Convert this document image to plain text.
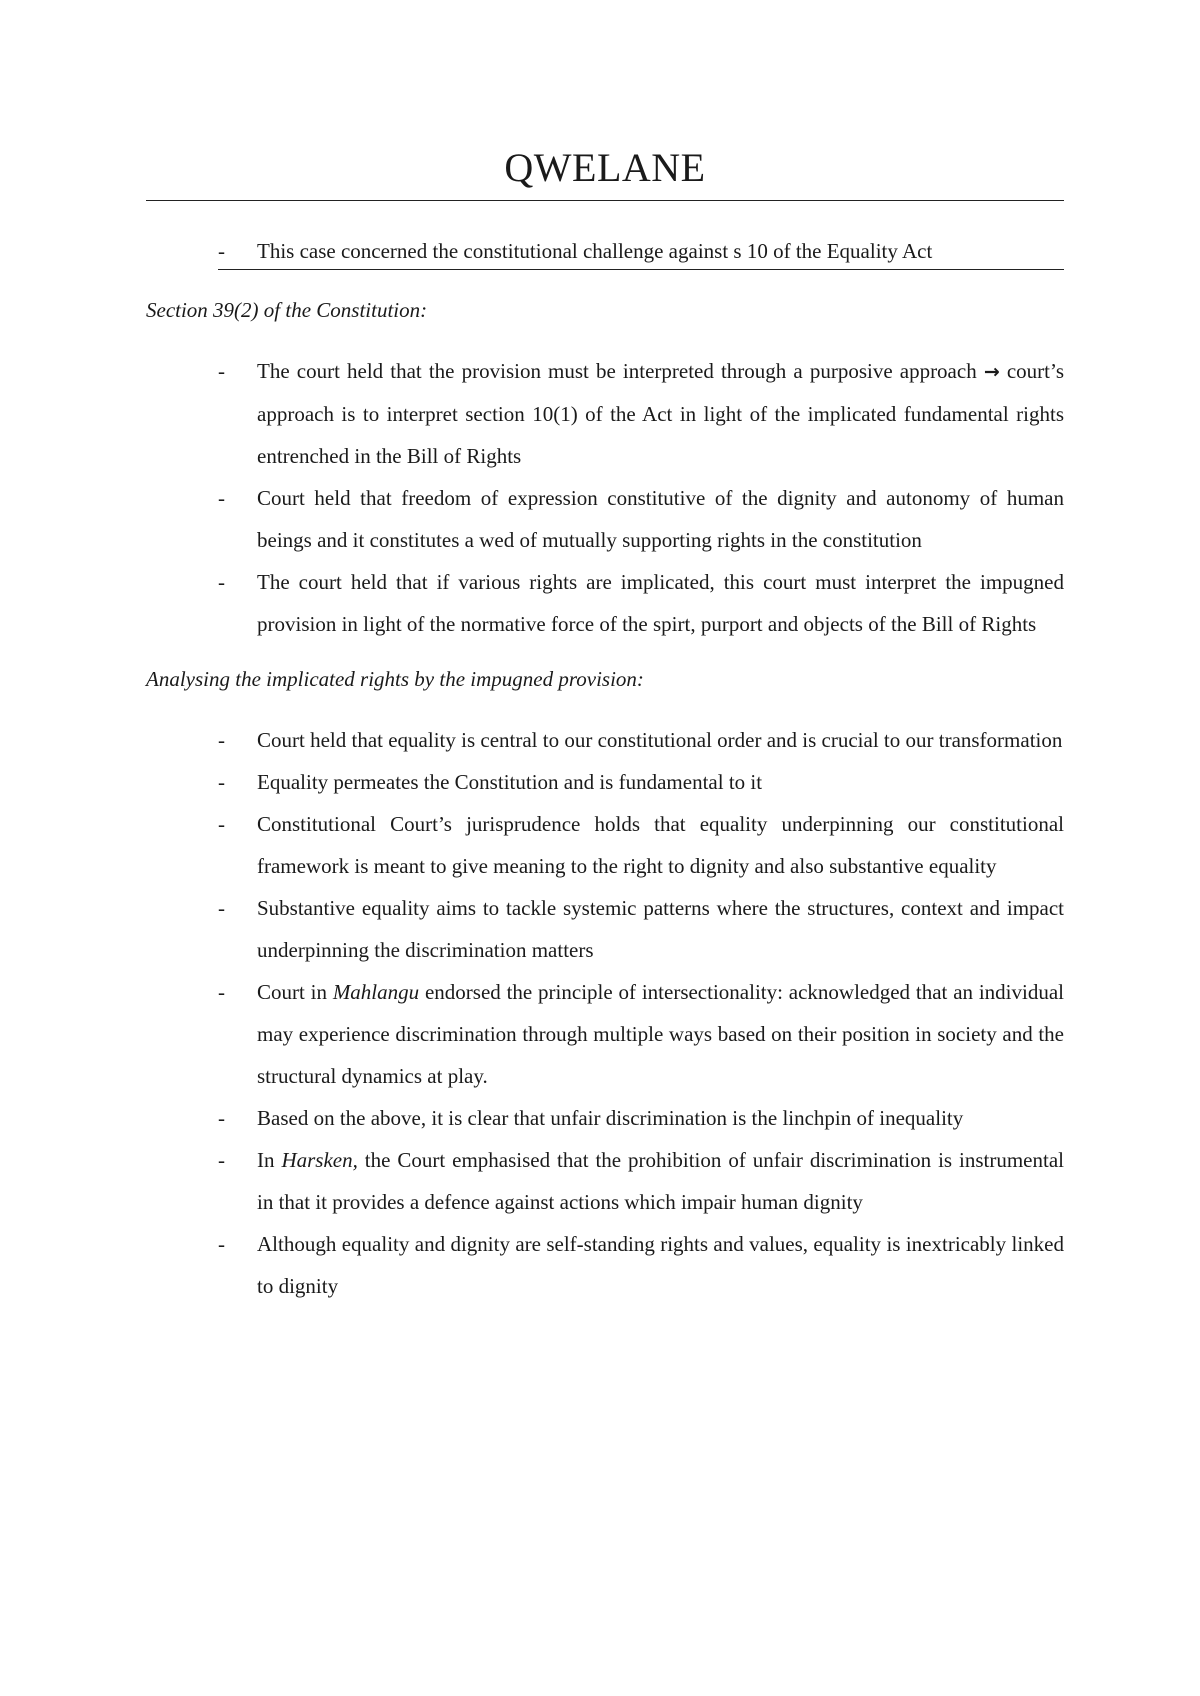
QWELANE
-	This case concerned the constitutional challenge against s 10 of the Equality Act

Section 39(2) of the Constitution:

- The court held that the provision must be interpreted through a purposive approach → court’s approach is to interpret section 10(1) of the Act in light of the implicated fundamental rights entrenched in the Bill of Rights
- Court held that freedom of expression constitutive of the dignity and autonomy of human beings and it constitutes a wed of mutually supporting rights in the constitution
- The court held that if various rights are implicated, this court must interpret the impugned provision in light of the normative force of the spirt, purport and objects of the Bill of Rights

Analysing the implicated rights by the impugned provision:

- Court held that equality is central to our constitutional order and is crucial to our transformation
- Equality permeates the Constitution and is fundamental to it
- Constitutional Court’s jurisprudence holds that equality underpinning our constitutional framework is meant to give meaning to the right to dignity and also substantive equality
- Substantive equality aims to tackle systemic patterns where the structures, context and impact underpinning the discrimination matters
- Court in Mahlangu endorsed the principle of intersectionality: acknowledged that an individual may experience discrimination through multiple ways based on their position in society and the structural dynamics at play.
- Based on the above, it is clear that unfair discrimination is the linchpin of inequality
- In Harsken, the Court emphasised that the prohibition of unfair discrimination is instrumental in that it provides a defence against actions which impair human dignity
- Although equality and dignity are self-standing rights and values, equality is inextricably linked to dignity
